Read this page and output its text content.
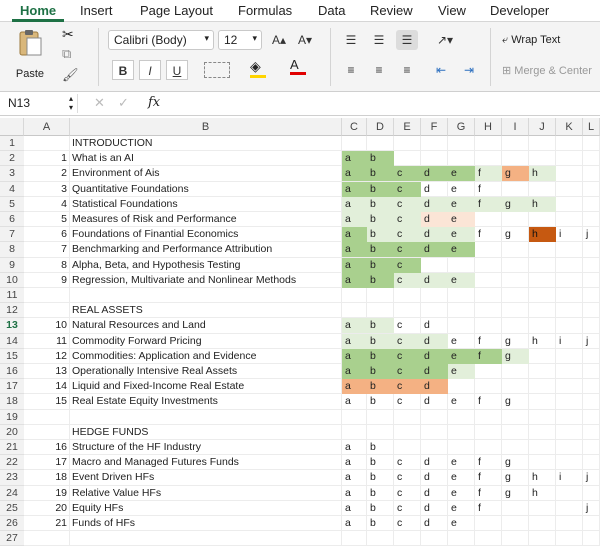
Home	Insert Page Layout Formulas Data Review View Developer
Paste
✂
⧉
🖌
Calibri (Body) ▾ 12 ▾	A▴ A▾
B	I	U	◈	A
☰	☰	☰	↗▾
≡	≡	≡	⇤	⇥
⤶ Wrap Text
⊞ Merge & Center
N13	▴
▾ ✕ ✓ fx
A	B	C	D	E	F	G	H	I	J	K	L
1	INTRODUCTION
2	1 What is an AI	a	b
3	2 Environment of Ais	a	b	c	d	e	f	g	h
4	3 Quantitative Foundations	a	b	c	d	e	f
5	4 Statistical Foundations	a	b	c	d	e	f	g	h
6	5 Measures of Risk and Performance	a	b	c	d	e
7	6 Foundations of Finantial Economics	a	b	c	d	e	f	g	h	i	j
8	7 Benchmarking and Performance Attribution	a	b	c	d	e
9	8 Alpha, Beta, and Hypothesis Testing	a	b	c
10	9 Regression, Multivariate and Nonlinear Methods	a	b	c	d	e
11
12	REAL ASSETS
13	10 Natural Resources and Land	a	b	c	d
14	11 Commodity Forward Pricing	a	b	c	d	e	f	g	h	i	j
15	12 Commodities: Application and Evidence	a	b	c	d	e	f	g
16	13 Operationally Intensive Real Assets	a	b	c	d	e
17	14 Liquid and Fixed-Income Real Estate	a	b	c	d
18	15 Real Estate Equity Investments	a	b	c	d	e	f	g
19
20	HEDGE FUNDS
21	16 Structure of the HF Industry	a	b
22	17 Macro and Managed Futures Funds	a	b	c	d	e	f	g
23	18 Event Driven HFs	a	b	c	d	e	f	g	h	i	j
24	19 Relative Value HFs	a	b	c	d	e	f	g	h
25	20 Equity HFs	a	b	c	d	e	f	j
26	21 Funds of HFs	a	b	c	d	e
27
